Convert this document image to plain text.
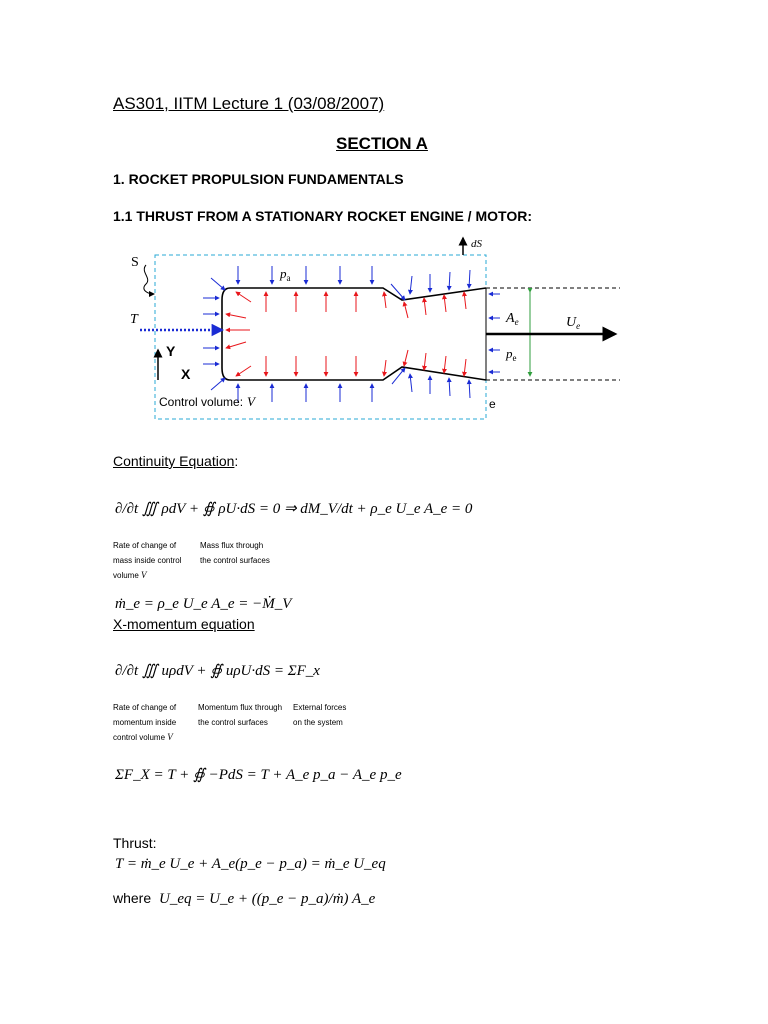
AS301, IITM Lecture 1 (03/08/2007)
SECTION A
1. ROCKET PROPULSION FUNDAMENTALS
1.1 THRUST FROM A STATIONARY ROCKET ENGINE / MOTOR:
S
T
Y
X
$p_a$
$A_e$	$U_e$
$p_e$
e
dS
Control volume: V
Continuity Equation:
∂/∂t ∭ ρdV + ∯ ρU·dS = 0 ⇒ dM_V/dt + ρ_e U_e A_e = 0
Rate of change of
mass inside control
volume V
Mass flux through
the control surfaces
ṁ_e = ρ_e U_e A_e = −Ṁ_V
X-momentum equation
∂/∂t ∭ uρdV + ∯ uρU·dS = ΣF_x
Rate of change of
momentum inside
control volume V
Momentum flux through
the control surfaces
External forces
on the system
ΣF_X = T + ∯ −PdS = T + A_e p_a − A_e p_e
Thrust:
T = ṁ_e U_e + A_e(p_e − p_a) = ṁ_e U_eq
where U_eq = U_e + ((p_e − p_a)/ṁ) A_e
